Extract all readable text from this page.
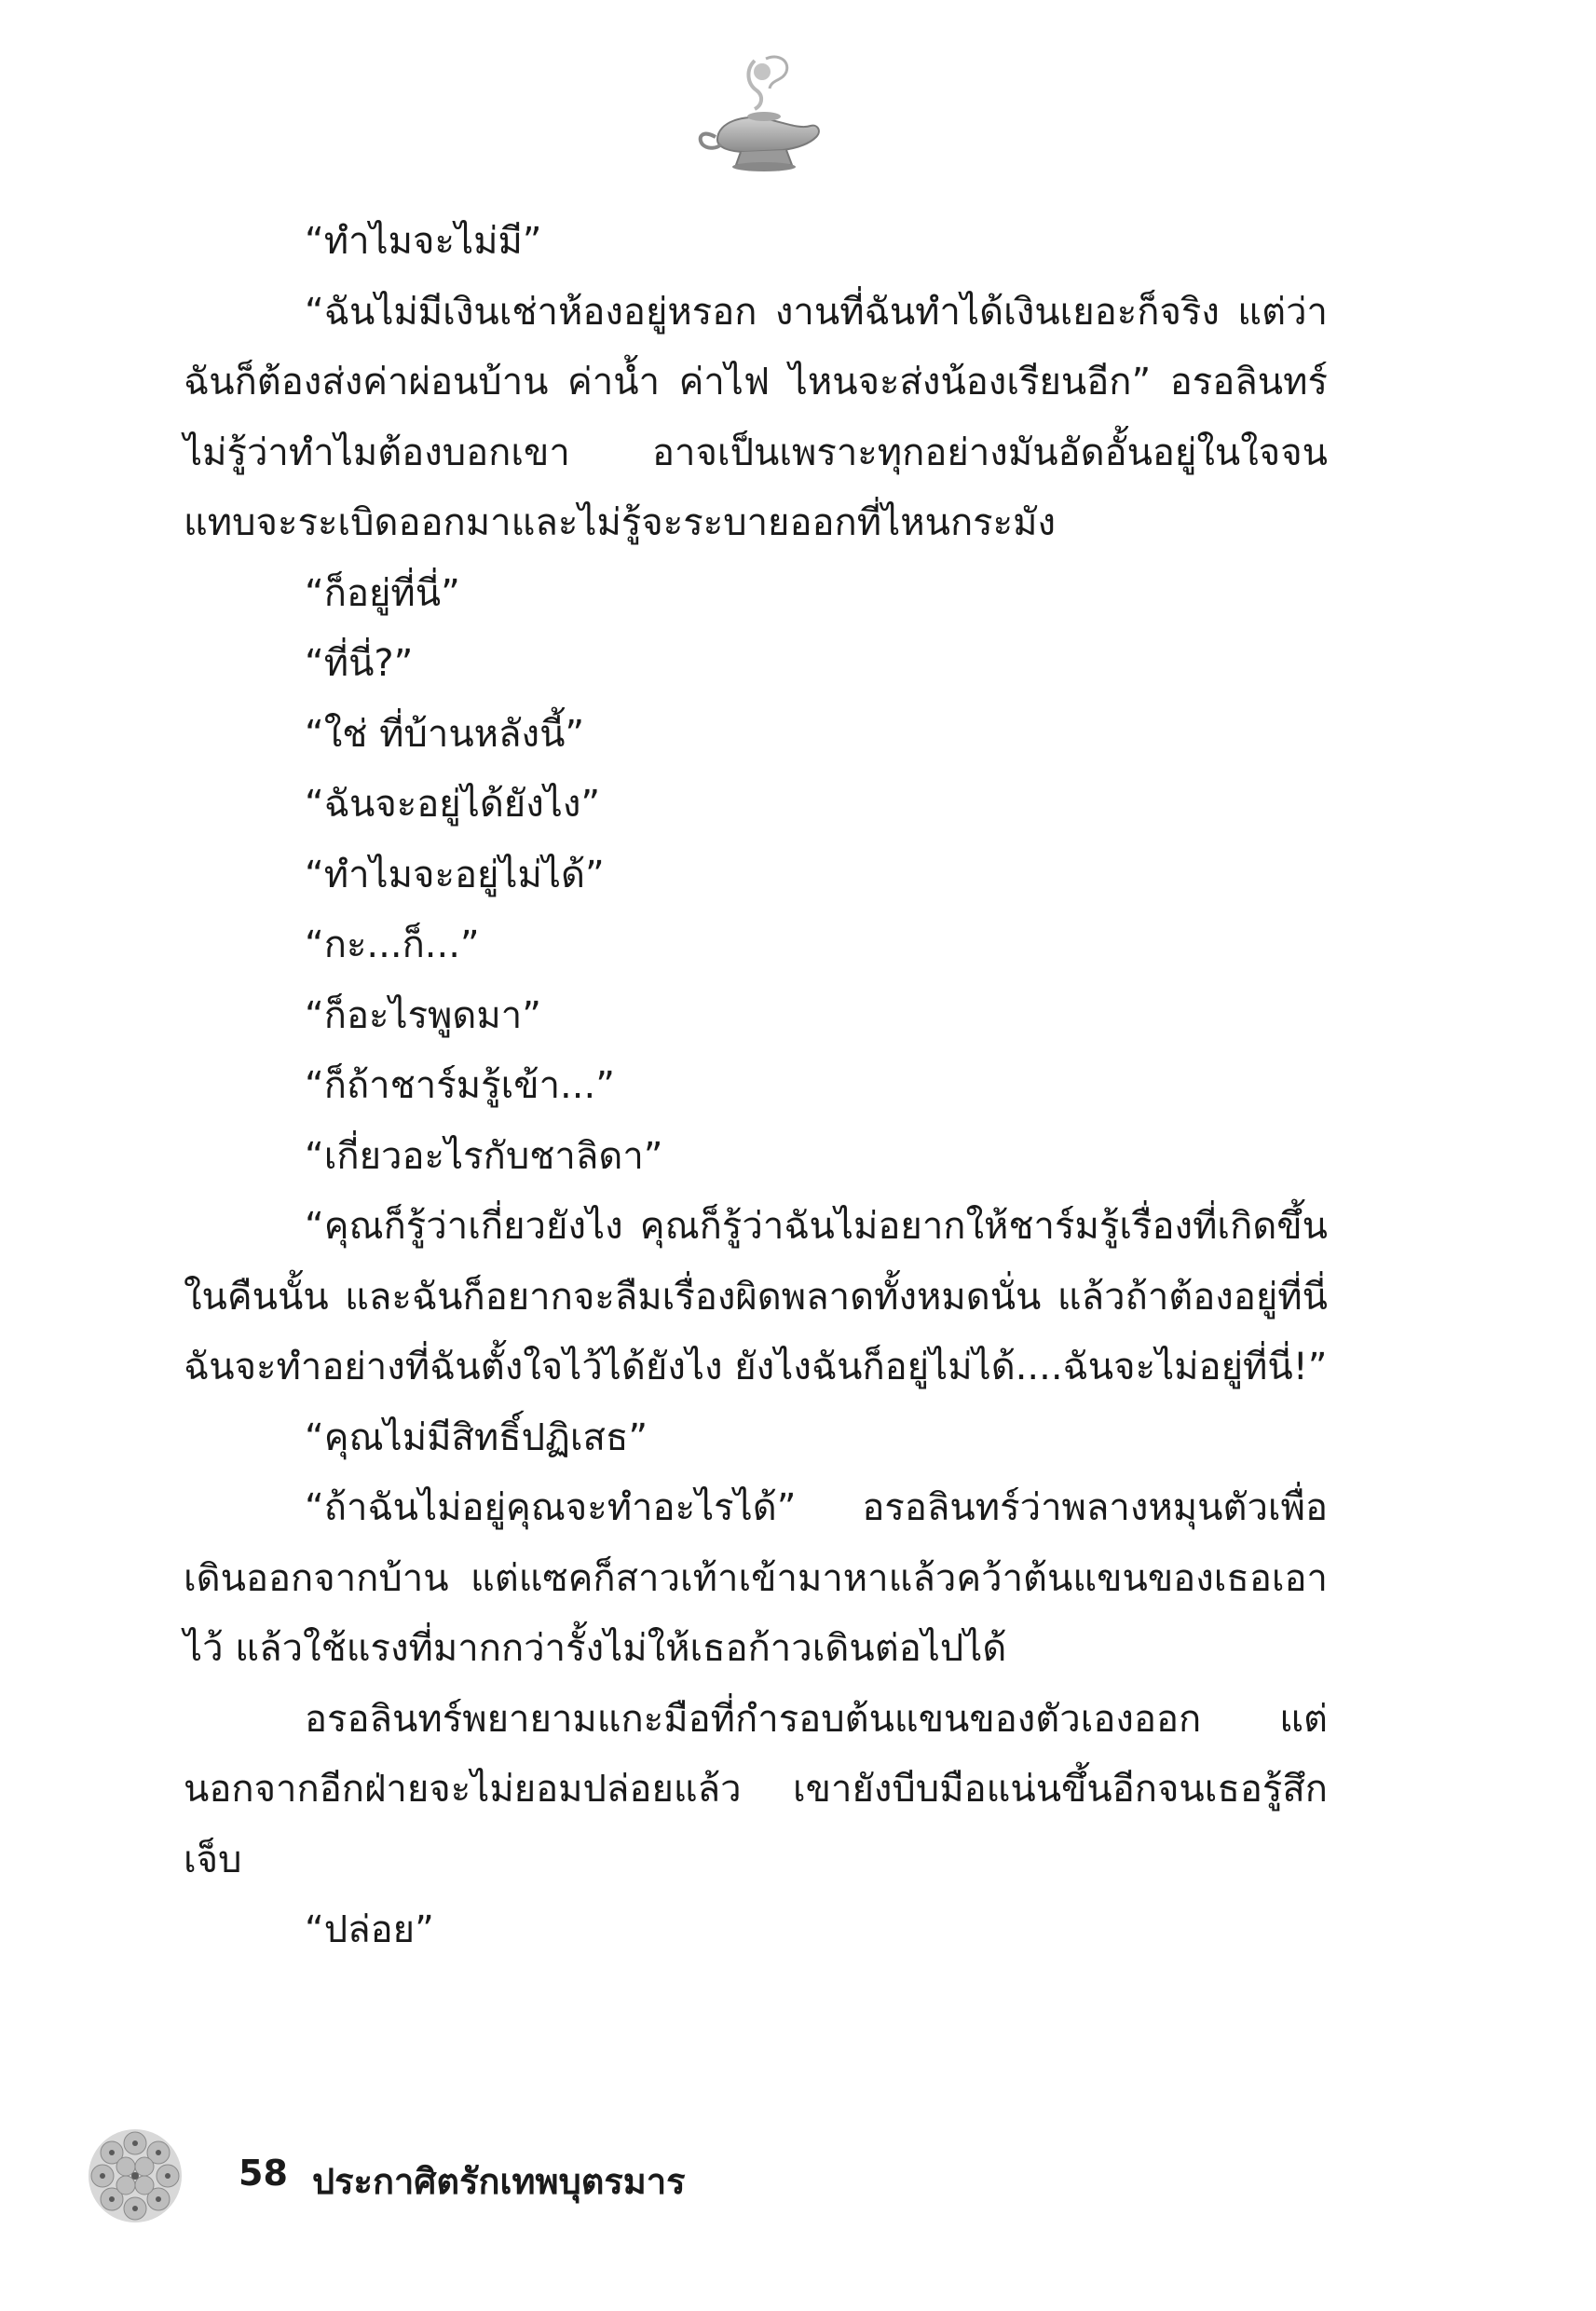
“ทำไมจะไม่มี”

“ฉันไม่มีเงินเช่าห้องอยู่หรอก งานที่ฉันทำได้เงินเยอะก็จริง แต่ว่าฉันก็ต้องส่งค่าผ่อนบ้าน ค่าน้ำ ค่าไฟ ไหนจะส่งน้องเรียนอีก” อรอลินทร์ไม่รู้ว่าทำไมต้องบอกเขา อาจเป็นเพราะทุกอย่างมันอัดอั้นอยู่ในใจจนแทบจะระเบิดออกมาและไม่รู้จะระบายออกที่ไหนกระมัง

“ก็อยู่ที่นี่”

“ที่นี่?”

“ใช่ ที่บ้านหลังนี้”

“ฉันจะอยู่ได้ยังไง”

“ทำไมจะอยู่ไม่ได้”

“กะ...ก็...”

“ก็อะไรพูดมา”

“ก็ถ้าชาร์มรู้เข้า...”

“เกี่ยวอะไรกับชาลิดา”

“คุณก็รู้ว่าเกี่ยวยังไง คุณก็รู้ว่าฉันไม่อยากให้ชาร์มรู้เรื่องที่เกิดขึ้นในคืนนั้น และฉันก็อยากจะลืมเรื่องผิดพลาดทั้งหมดนั่น แล้วถ้าต้องอยู่ที่นี่ฉันจะทำอย่างที่ฉันตั้งใจไว้ได้ยังไง ยังไงฉันก็อยู่ไม่ได้....ฉันจะไม่อยู่ที่นี่!”

“คุณไม่มีสิทธิ์ปฏิเสธ”

“ถ้าฉันไม่อยู่คุณจะทำอะไรได้” อรอลินทร์ว่าพลางหมุนตัวเพื่อเดินออกจากบ้าน แต่แซคก็สาวเท้าเข้ามาหาแล้วคว้าต้นแขนของเธอเอาไว้ แล้วใช้แรงที่มากกว่ารั้งไม่ให้เธอก้าวเดินต่อไปได้

อรอลินทร์พยายามแกะมือที่กำรอบต้นแขนของตัวเองออก แต่นอกจากอีกฝ่ายจะไม่ยอมปล่อยแล้ว เขายังบีบมือแน่นขึ้นอีกจนเธอรู้สึกเจ็บ

“ปล่อย”

58 ประกาศิตรักเทพบุตรมาร
